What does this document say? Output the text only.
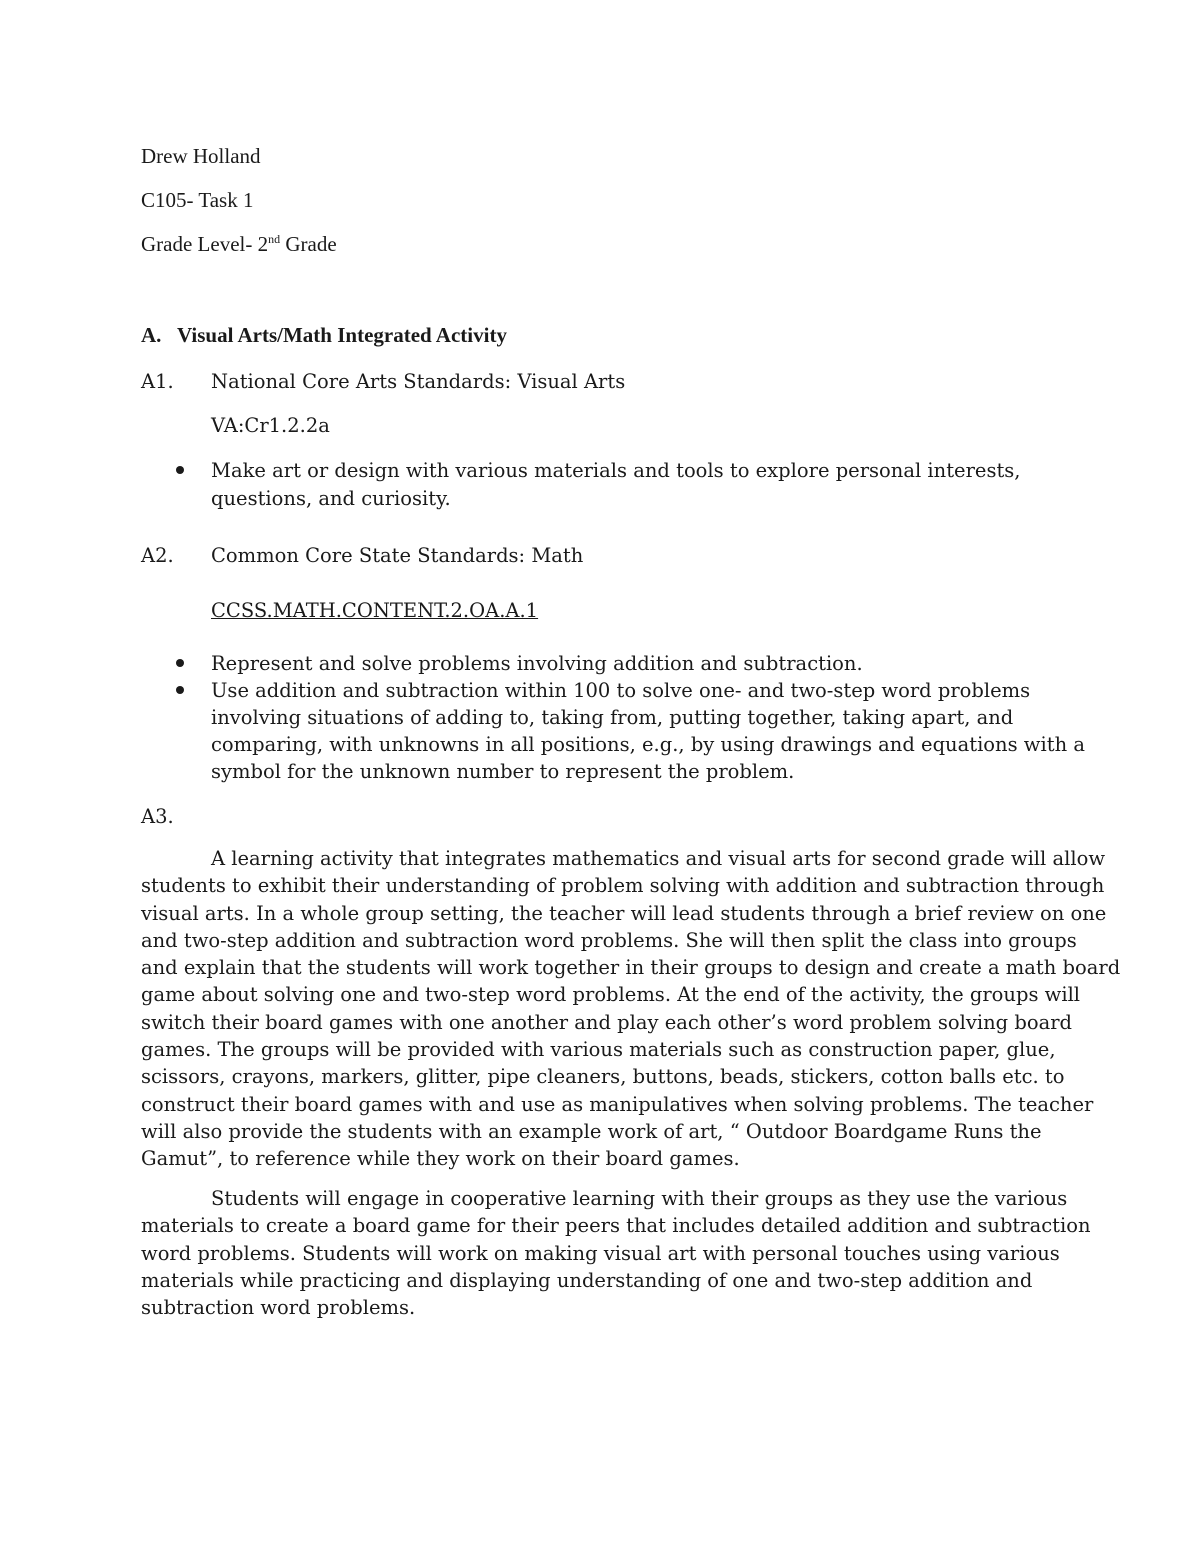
Drew Holland
C105- Task 1
Grade Level- 2nd Grade
A. Visual Arts/Math Integrated Activity
A1. National Core Arts Standards: Visual Arts
VA:Cr1.2.2a
Make art or design with various materials and tools to explore personal interests,
questions, and curiosity.
A2. Common Core State Standards: Math
CCSS.MATH.CONTENT.2.OA.A.1
Represent and solve problems involving addition and subtraction.
Use addition and subtraction within 100 to solve one- and two-step word problems
involving situations of adding to, taking from, putting together, taking apart, and
comparing, with unknowns in all positions, e.g., by using drawings and equations with a
symbol for the unknown number to represent the problem.
A3.

A learning activity that integrates mathematics and visual arts for second grade will allow

students to exhibit their understanding of problem solving with addition and subtraction through

visual arts. In a whole group setting, the teacher will lead students through a brief review on one

and two-step addition and subtraction word problems. She will then split the class into groups

and explain that the students will work together in their groups to design and create a math board

game about solving one and two-step word problems. At the end of the activity, the groups will

switch their board games with one another and play each other’s word problem solving board

games. The groups will be provided with various materials such as construction paper, glue,

scissors, crayons, markers, glitter, pipe cleaners, buttons, beads, stickers, cotton balls etc. to

construct their board games with and use as manipulatives when solving problems. The teacher

will also provide the students with an example work of art, “ Outdoor Boardgame Runs the

Gamut”, to reference while they work on their board games.

Students will engage in cooperative learning with their groups as they use the various

materials to create a board game for their peers that includes detailed addition and subtraction

word problems. Students will work on making visual art with personal touches using various

materials while practicing and displaying understanding of one and two-step addition and

subtraction word problems.
